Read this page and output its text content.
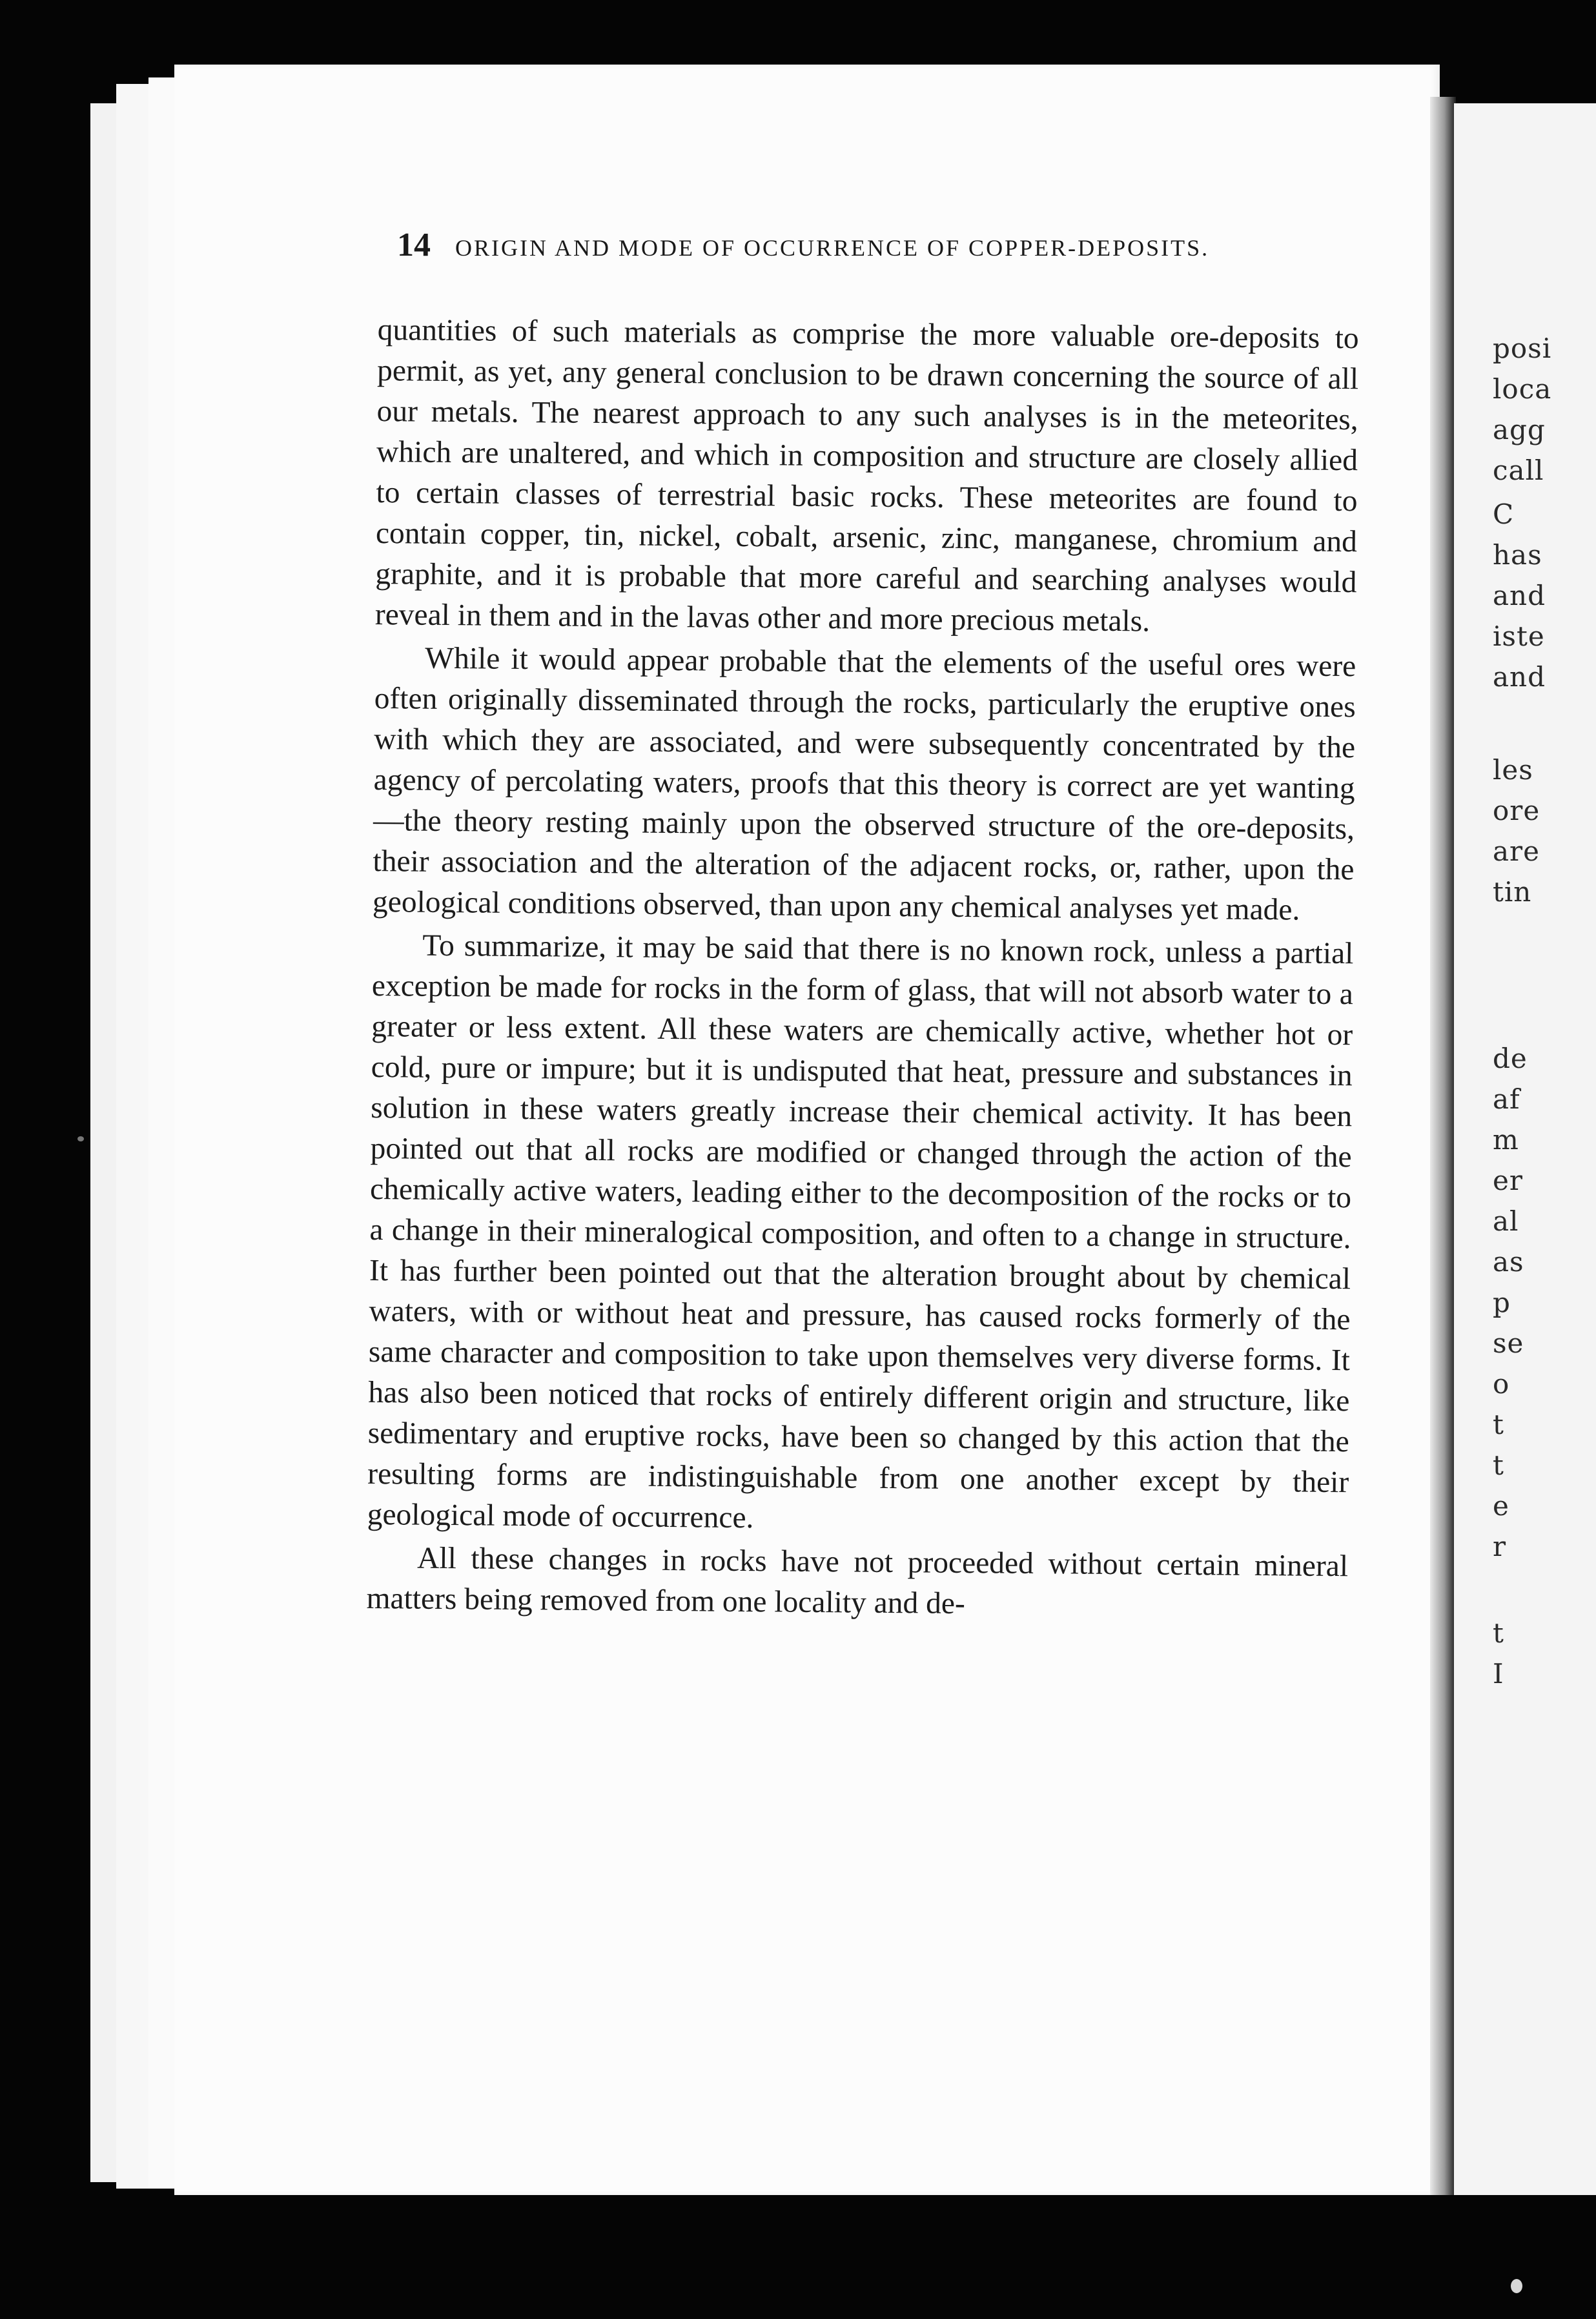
posi
loca
agg
call
C
has
and
iste
and
les
ore
are
tin
de
af
m
er
al
as
p
se
o
t
t
e
r
t
I
14 ORIGIN AND MODE OF OCCURRENCE OF COPPER-DEPOSITS.

quantities of such materials as comprise the more valuable ore-deposits to permit, as yet, any general conclusion to be drawn concerning the source of all our metals. The nearest approach to any such analyses is in the meteorites, which are unaltered, and which in composition and structure are closely allied to certain classes of terrestrial basic rocks. These meteorites are found to contain copper, tin, nickel, cobalt, arsenic, zinc, manganese, chromium and graphite, and it is probable that more careful and searching analyses would reveal in them and in the lavas other and more precious metals.

While it would appear probable that the elements of the useful ores were often originally disseminated through the rocks, particularly the eruptive ones with which they are associated, and were subsequently concentrated by the agency of percolating waters, proofs that this theory is correct are yet wanting—the theory resting mainly upon the observed structure of the ore-deposits, their association and the alteration of the adjacent rocks, or, rather, upon the geological conditions observed, than upon any chemical analyses yet made.

To summarize, it may be said that there is no known rock, unless a partial exception be made for rocks in the form of glass, that will not absorb water to a greater or less extent. All these waters are chemically active, whether hot or cold, pure or impure; but it is undisputed that heat, pressure and substances in solution in these waters greatly increase their chemical activity. It has been pointed out that all rocks are modified or changed through the action of the chemically active waters, leading either to the decomposition of the rocks or to a change in their mineralogical composition, and often to a change in structure. It has further been pointed out that the alteration brought about by chemical waters, with or without heat and pressure, has caused rocks formerly of the same character and composition to take upon themselves very diverse forms. It has also been noticed that rocks of entirely different origin and structure, like sedimentary and eruptive rocks, have been so changed by this action that the resulting forms are indistinguishable from one another except by their geological mode of occurrence.

All these changes in rocks have not proceeded without certain mineral matters being removed from one locality and de-
